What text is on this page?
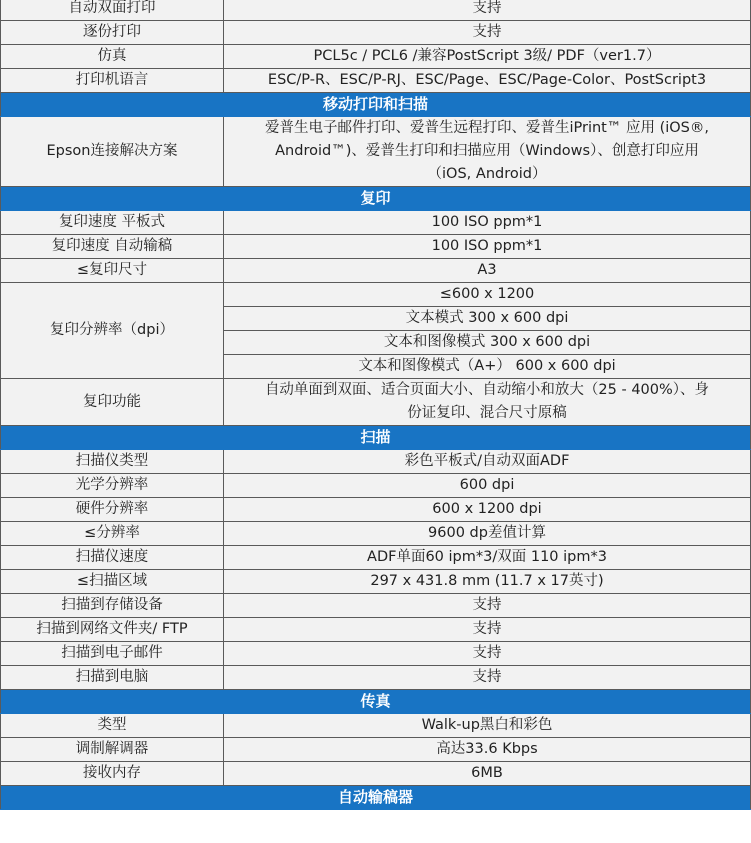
自动双面打印	支持
逐份打印	支持
仿真	PCL5c / PCL6 /兼容PostScript 3级/ PDF（ver1.7）
打印机语言	ESC/P-R、ESC/P-RJ、ESC/Page、ESC/Page-Color、PostScript3
移动打印和扫描	
Epson连接解决方案	爱普生电子邮件打印、爱普生远程打印、爱普生iPrint™ 应用 (iOS®,
Android™)、爱普生打印和扫描应用（Windows）、创意打印应用
（iOS, Android）

复印	
复印速度 平板式	100 ISO ppm*1
复印速度 自动输稿	100 ISO ppm*1
≤复印尺寸	A3
复印分辨率（dpi）	≤600 x 1200
	文本模式 300 x 600 dpi
	文本和图像模式 300 x 600 dpi
	文本和图像模式（A+） 600 x 600 dpi
复印功能	自动单面到双面、适合页面大小、自动缩小和放大（25 - 400%）、身
份证复印、混合尺寸原稿

扫描	
扫描仪类型	彩色平板式/自动双面ADF
光学分辨率	600 dpi
硬件分辨率	600 x 1200 dpi
≤分辨率	9600 dp差值计算
扫描仪速度	ADF单面60 ipm*3/双面 110 ipm*3
≤扫描区域	297 x 431.8 mm (11.7 x 17英寸)
扫描到存储设备	支持
扫描到网络文件夹/ FTP	支持
扫描到电子邮件	支持
扫描到电脑	支持
传真	
类型	Walk-up黑白和彩色
调制解调器	高达33.6 Kbps
接收内存	6MB
自动输稿器	
